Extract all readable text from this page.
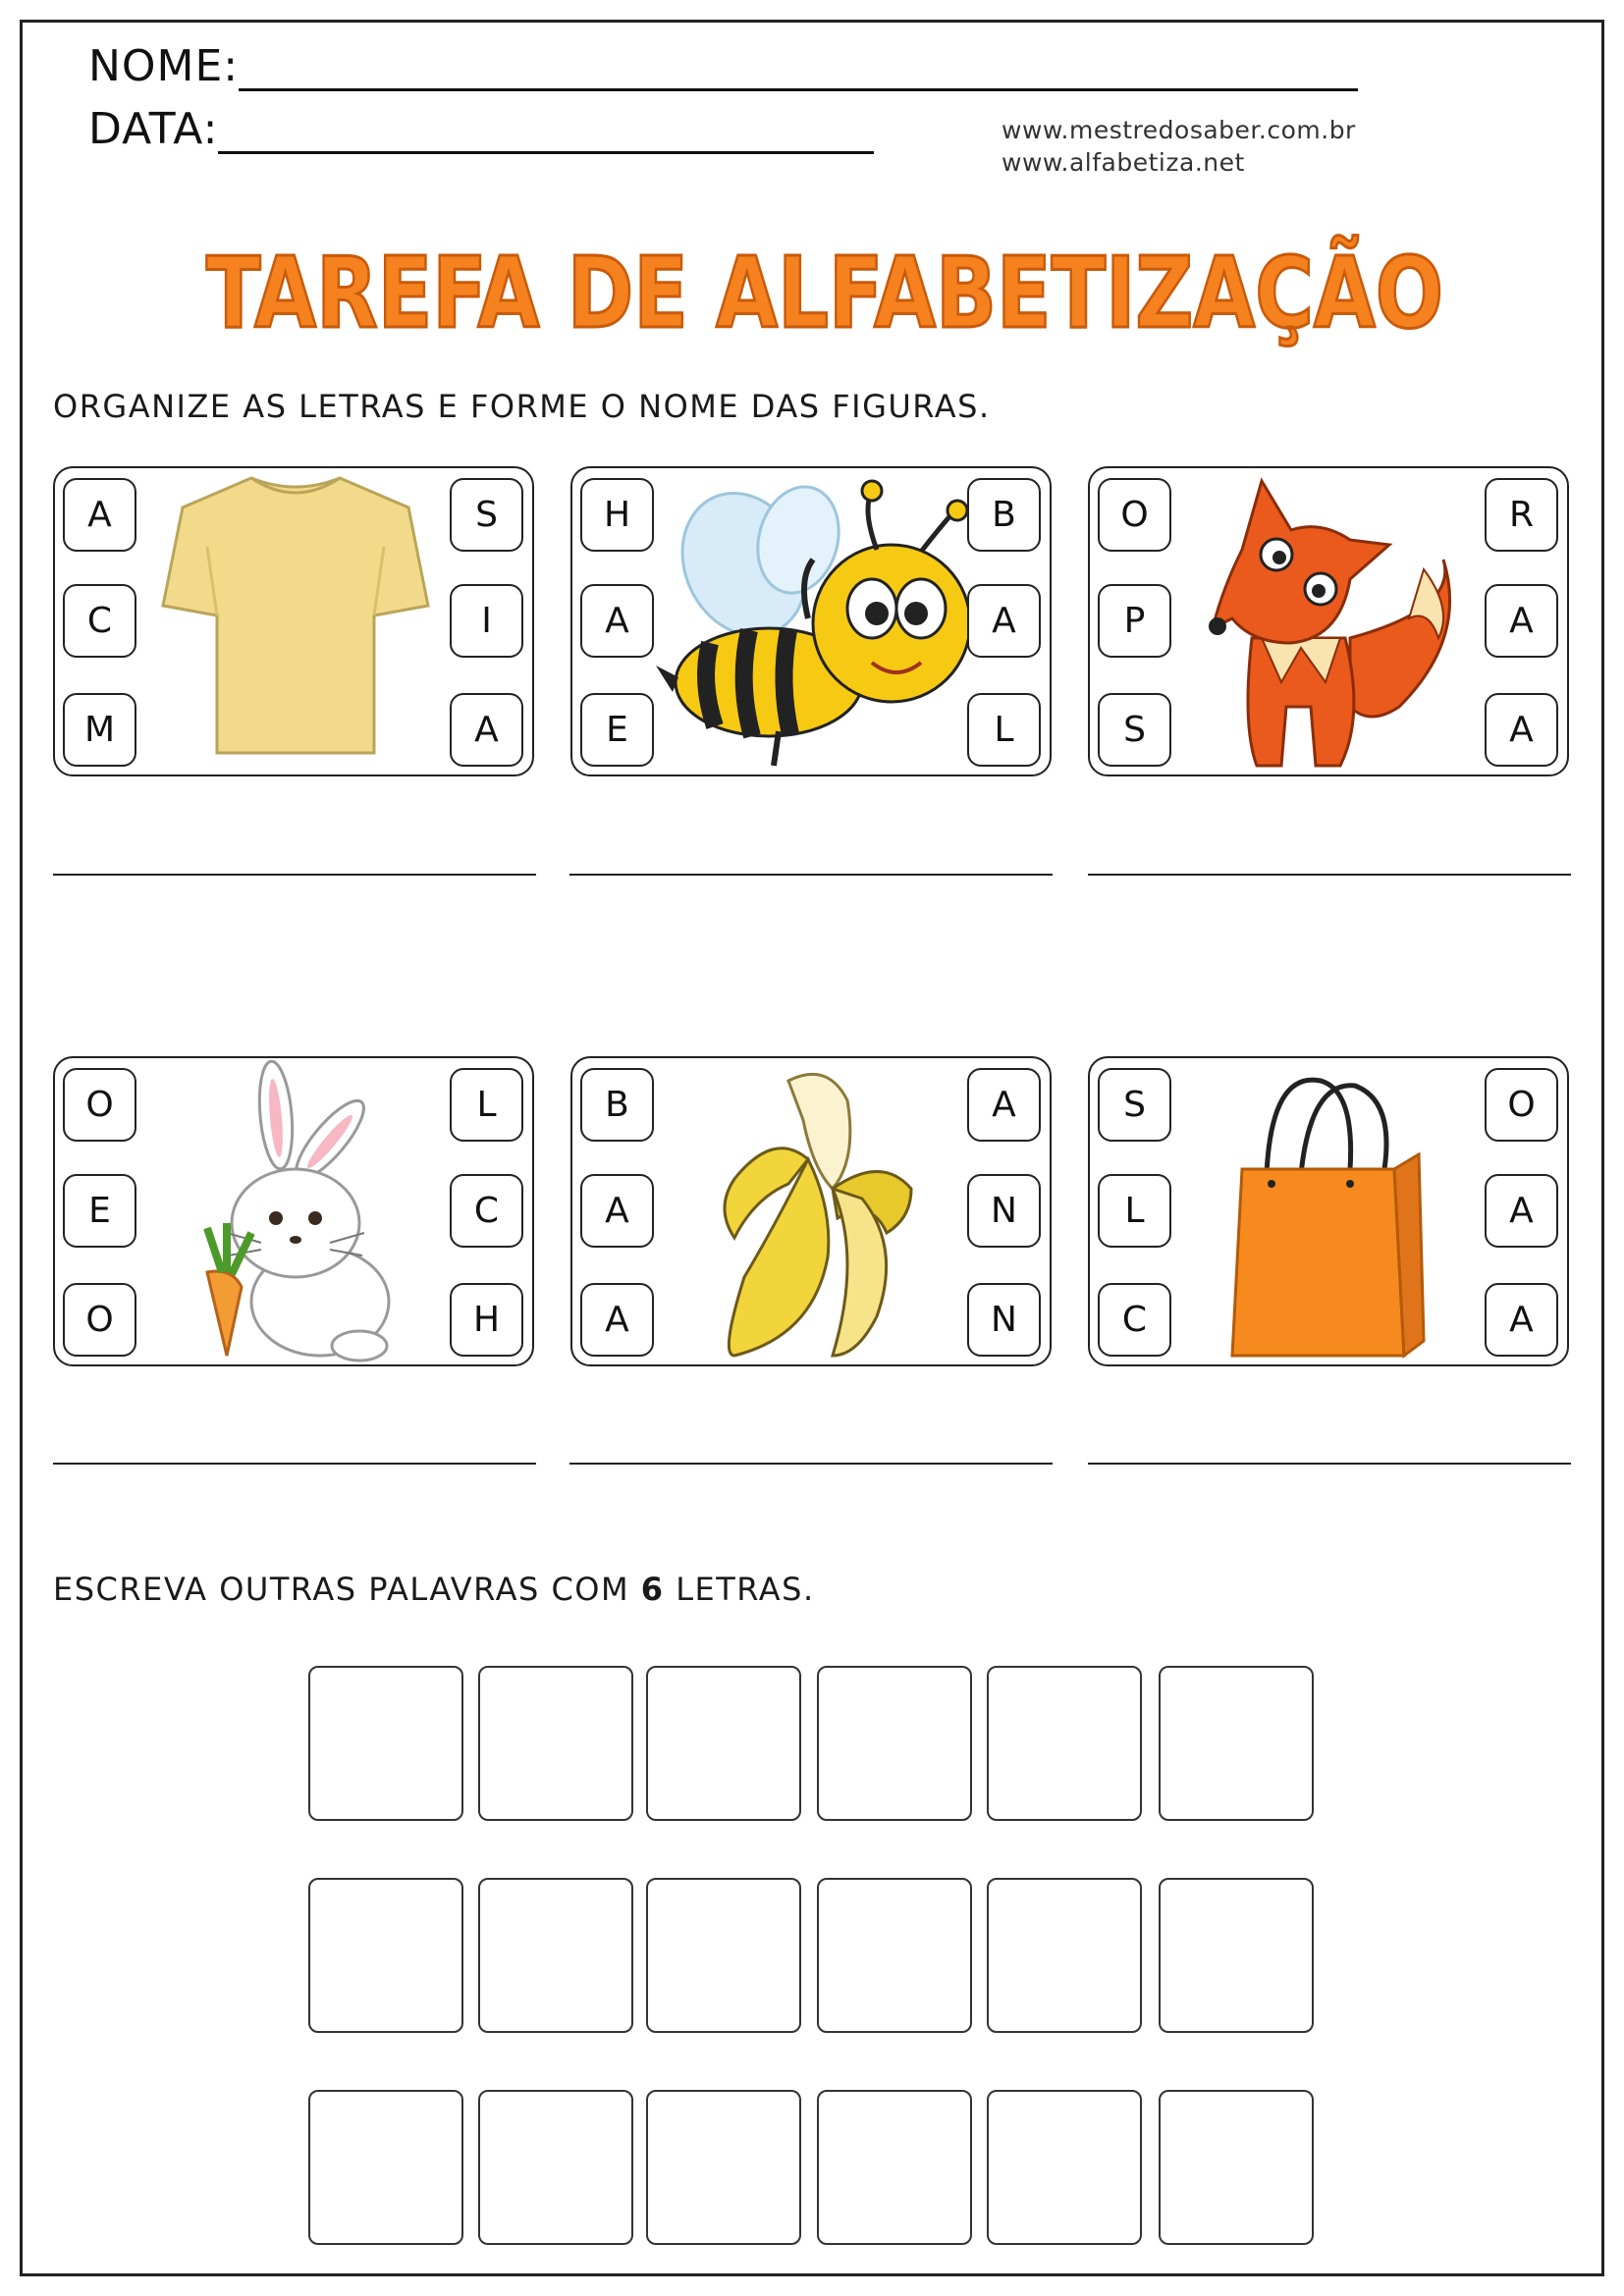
NOME:
DATA:	www.mestredosaber.com.br
www.alfabetiza.net
TAREFA DE ALFABETIZAÇÃO
ORGANIZE AS LETRAS E FORME O NOME DAS FIGURAS.
A
C
M
S
I
A
H
A
E
B
A
L
O
P
S
R
A
A
O
E
O
L
C
H
B
A
A
A
N
N
S
L
C
O
A
A
ESCREVA OUTRAS PALAVRAS COM 6 LETRAS.
